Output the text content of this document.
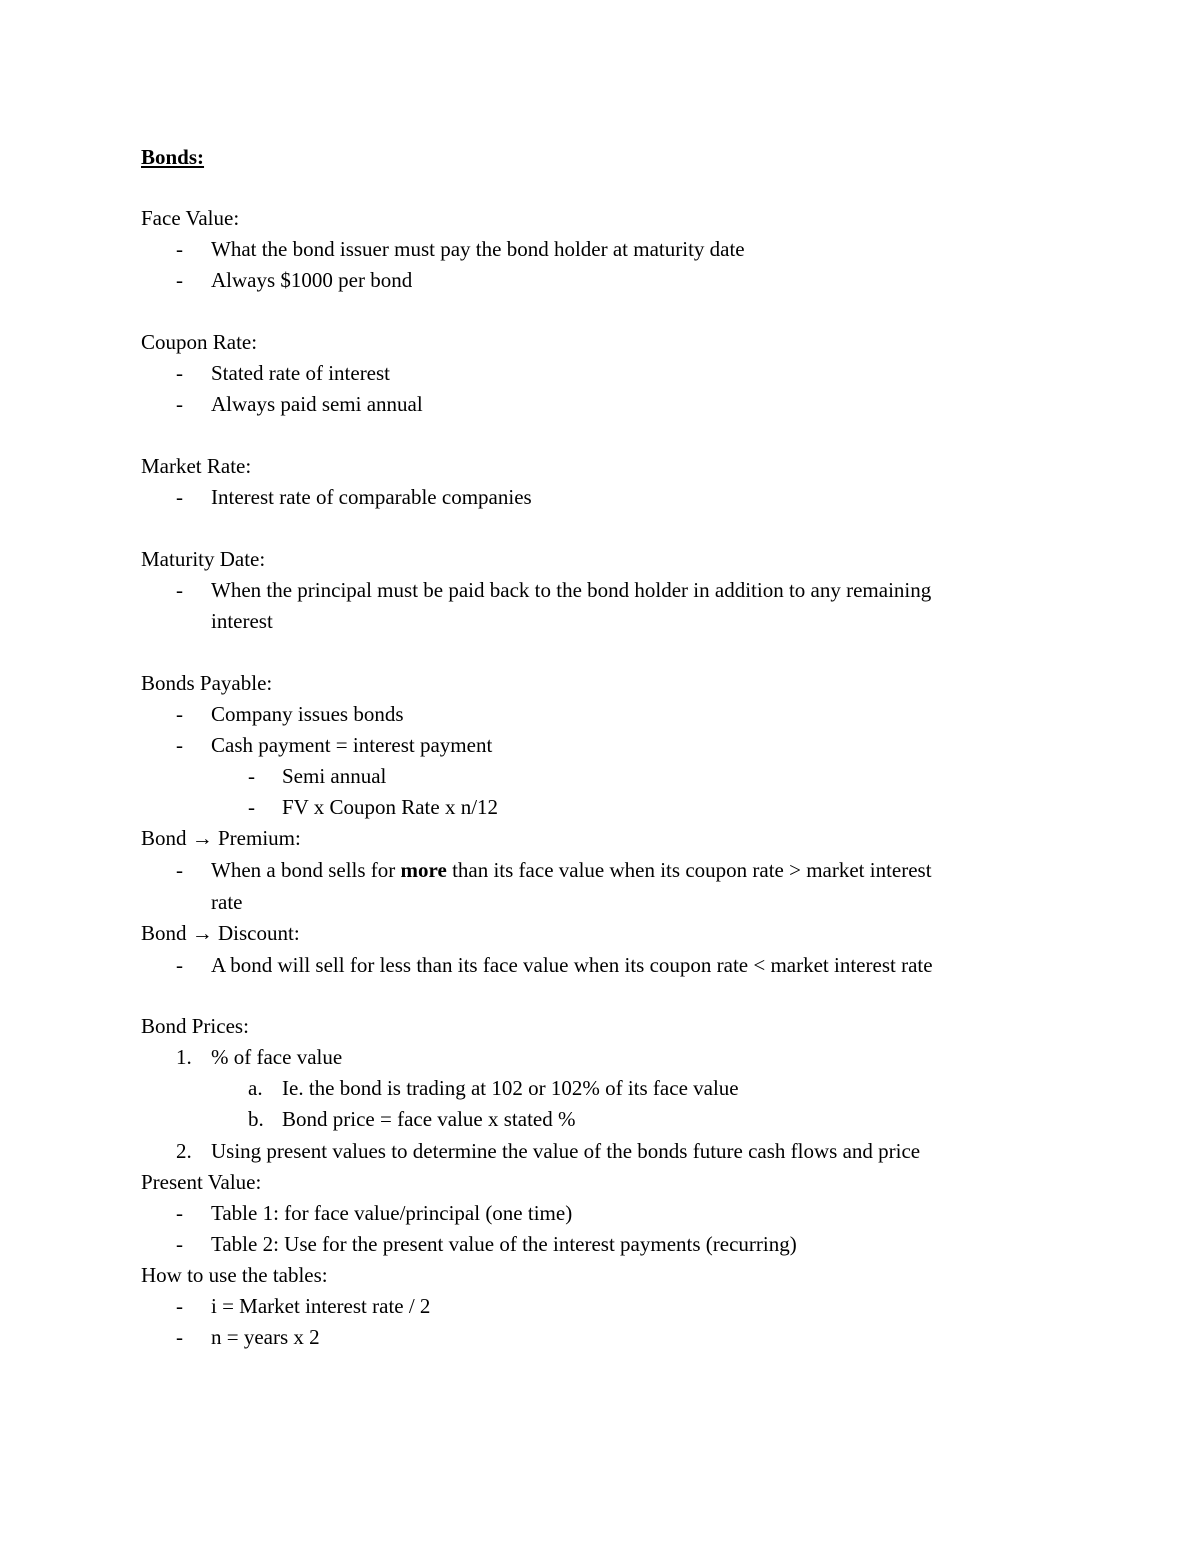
Bonds:
Face Value:
- What the bond issuer must pay the bond holder at maturity date
- Always $1000 per bond
Coupon Rate:
- Stated rate of interest
- Always paid semi annual
Market Rate:
- Interest rate of comparable companies
Maturity Date:
- When the principal must be paid back to the bond holder in addition to any remaining
interest
Bonds Payable:
- Company issues bonds
- Cash payment = interest payment
- Semi annual
- FV x Coupon Rate x n/12
Bond → Premium:
- When a bond sells for more than its face value when its coupon rate > market interest
rate
Bond → Discount:
- A bond will sell for less than its face value when its coupon rate < market interest rate
Bond Prices:
1. % of face value
a. Ie. the bond is trading at 102 or 102% of its face value
b. Bond price = face value x stated %
2. Using present values to determine the value of the bonds future cash flows and price
Present Value:
- Table 1: for face value/principal (one time)
- Table 2: Use for the present value of the interest payments (recurring)
How to use the tables:
- i = Market interest rate / 2
- n = years x 2
